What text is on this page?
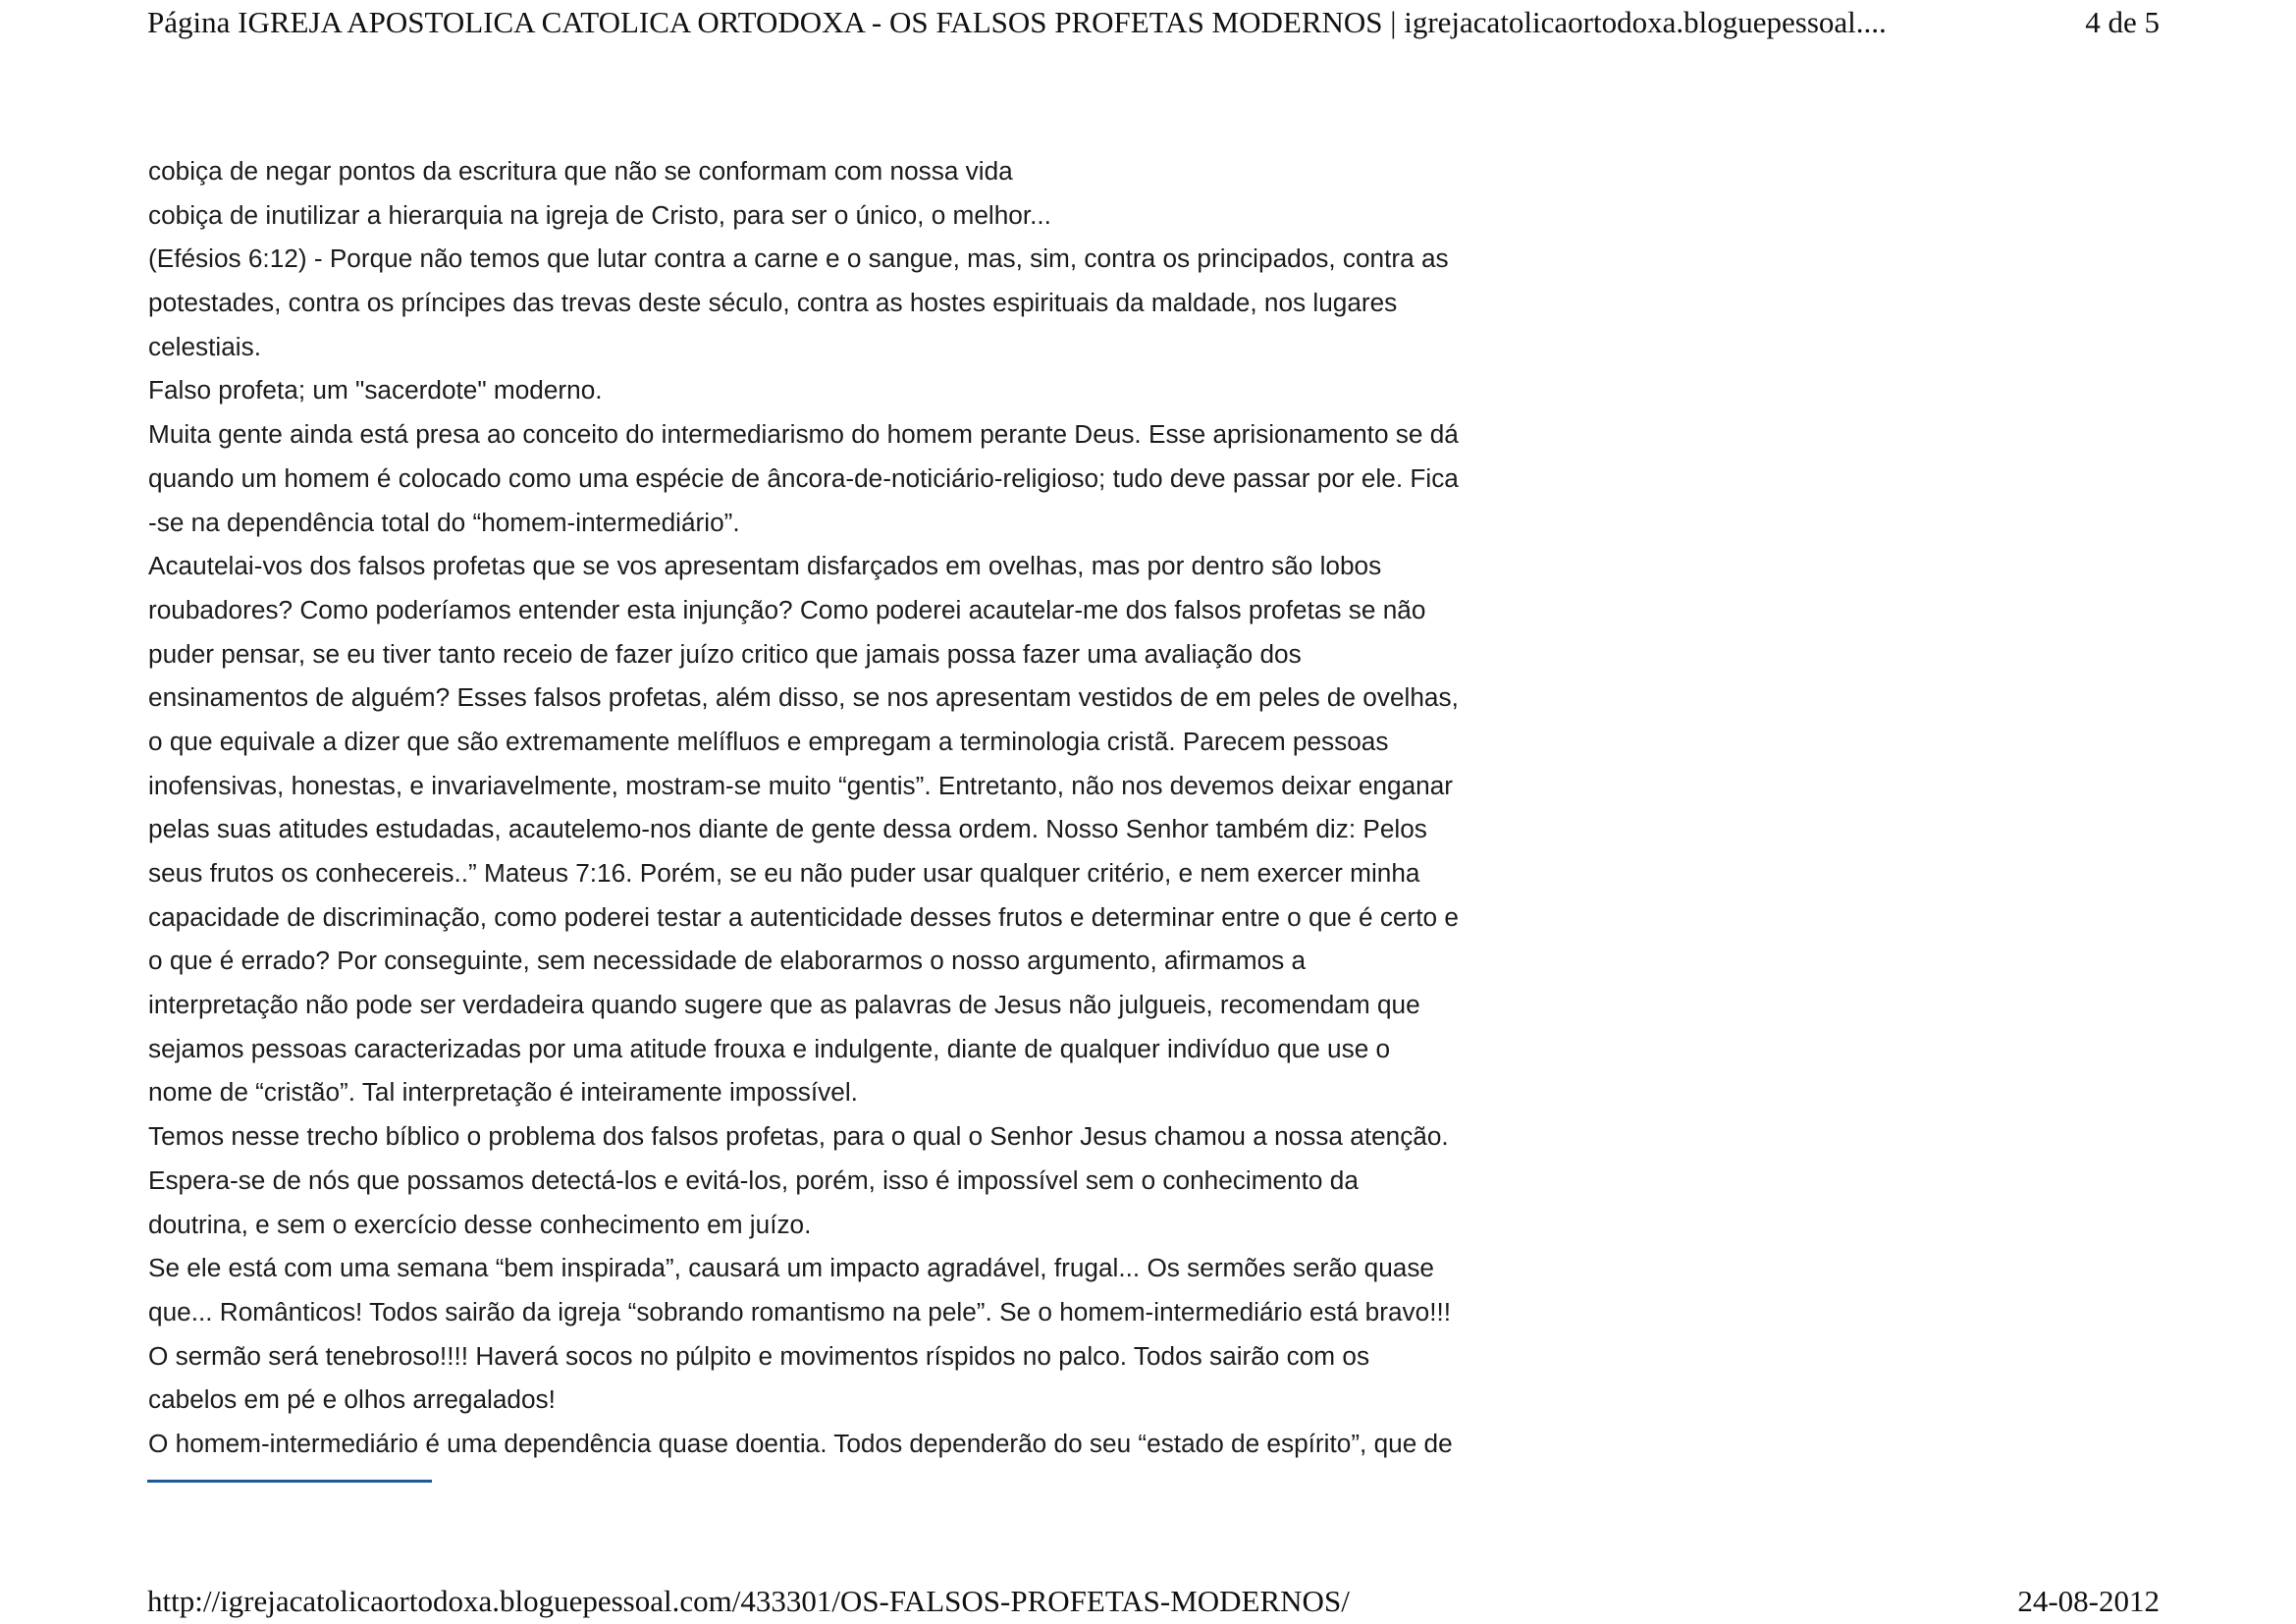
Página IGREJA APOSTOLICA CATOLICA ORTODOXA - OS FALSOS PROFETAS MODERNOS | igrejacatolicaortodoxa.bloguepessoal....	4 de 5
cobiça de negar pontos da escritura que não se conformam com nossa vida
cobiça de inutilizar a hierarquia na igreja de Cristo, para ser o único, o melhor...
(Efésios 6:12) - Porque não temos que lutar contra a carne e o sangue, mas, sim, contra os principados, contra as
potestades, contra os príncipes das trevas deste século, contra as hostes espirituais da maldade, nos lugares
celestiais.
Falso profeta; um "sacerdote" moderno.
Muita gente ainda está presa ao conceito do intermediarismo do homem perante Deus. Esse aprisionamento se dá
quando um homem é colocado como uma espécie de âncora-de-noticiário-religioso; tudo deve passar por ele. Fica
-se na dependência total do “homem-intermediário”.
Acautelai-vos dos falsos profetas que se vos apresentam disfarçados em ovelhas, mas por dentro são lobos
roubadores? Como poderíamos entender esta injunção? Como poderei acautelar-me dos falsos profetas se não
puder pensar, se eu tiver tanto receio de fazer juízo critico que jamais possa fazer uma avaliação dos
ensinamentos de alguém? Esses falsos profetas, além disso, se nos apresentam vestidos de em peles de ovelhas,
o que equivale a dizer que são extremamente melífluos e empregam a terminologia cristã. Parecem pessoas
inofensivas, honestas, e invariavelmente, mostram-se muito “gentis”. Entretanto, não nos devemos deixar enganar
pelas suas atitudes estudadas, acautelemo-nos diante de gente dessa ordem. Nosso Senhor também diz: Pelos
seus frutos os conhecereis..” Mateus 7:16. Porém, se eu não puder usar qualquer critério, e nem exercer minha
capacidade de discriminação, como poderei testar a autenticidade desses frutos e determinar entre o que é certo e
o que é errado? Por conseguinte, sem necessidade de elaborarmos o nosso argumento, afirmamos a
interpretação não pode ser verdadeira quando sugere que as palavras de Jesus não julgueis, recomendam que
sejamos pessoas caracterizadas por uma atitude frouxa e indulgente, diante de qualquer indivíduo que use o
nome de “cristão”. Tal interpretação é inteiramente impossível.
Temos nesse trecho bíblico o problema dos falsos profetas, para o qual o Senhor Jesus chamou a nossa atenção.
Espera-se de nós que possamos detectá-los e evitá-los, porém, isso é impossível sem o conhecimento da
doutrina, e sem o exercício desse conhecimento em juízo.
Se ele está com uma semana “bem inspirada”, causará um impacto agradável, frugal... Os sermões serão quase
que... Românticos! Todos sairão da igreja “sobrando romantismo na pele”. Se o homem-intermediário está bravo!!!
O sermão será tenebroso!!!! Haverá socos no púlpito e movimentos ríspidos no palco. Todos sairão com os
cabelos em pé e olhos arregalados!
O homem-intermediário é uma dependência quase doentia. Todos dependerão do seu “estado de espírito”, que de
http://igrejacatolicaortodoxa.bloguepessoal.com/433301/OS-FALSOS-PROFETAS-MODERNOS/	24-08-2012
